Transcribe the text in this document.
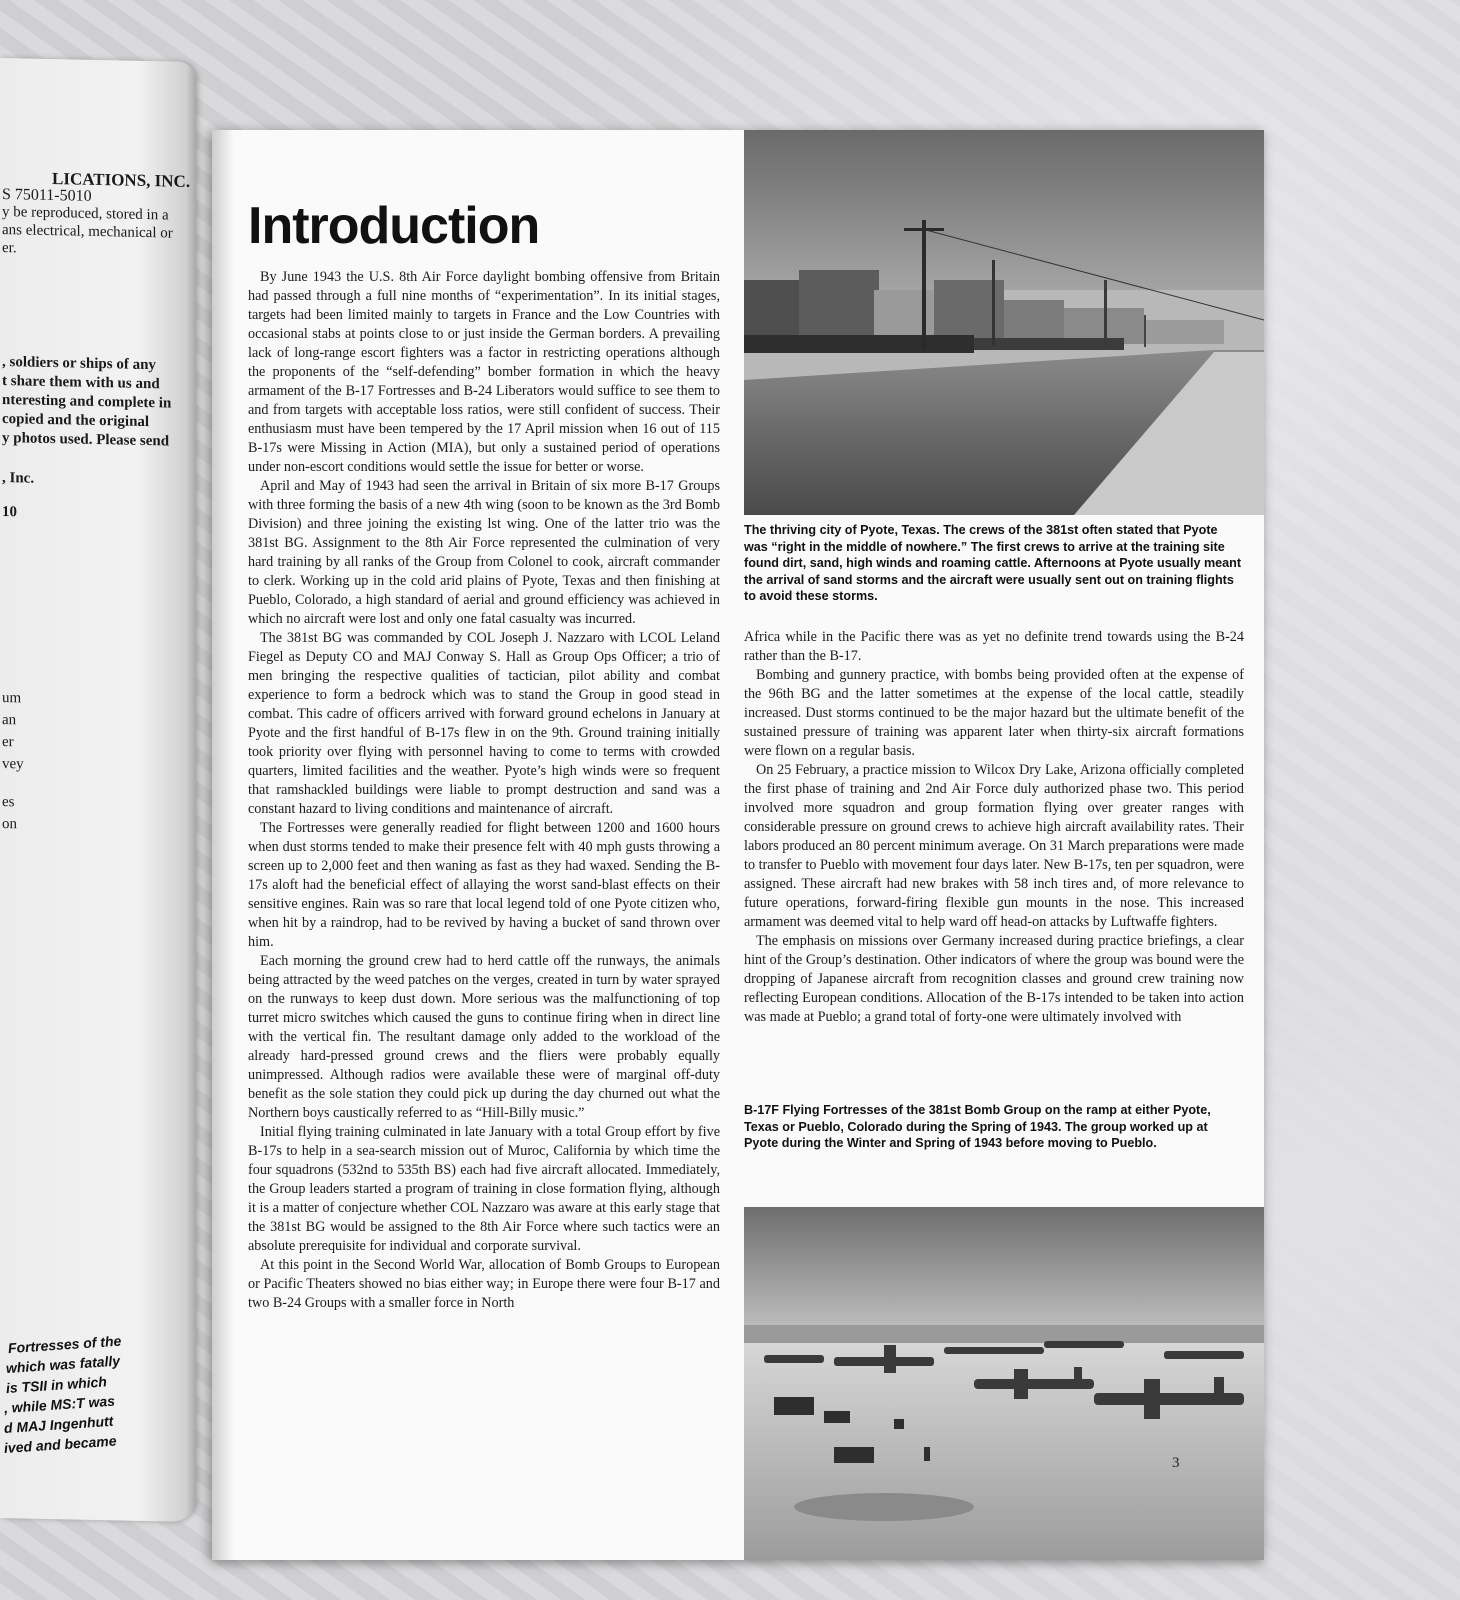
LICATIONS, INC.
S 75011-5010
y be reproduced, stored in a
ans electrical, mechanical or
er.
, soldiers or ships of any
t share them with us and
nteresting and complete in
copied and the original
y photos used. Please send
, Inc.
10
um
an
er
vey
es
on
Fortresses of the
which was fatally
is TSII in which
, while MS:T was
d MAJ Ingenhutt
ived and became
Introduction

By June 1943 the U.S. 8th Air Force daylight bombing offensive from Britain had passed through a full nine months of “experimentation”. In its initial stages, targets had been limited mainly to targets in France and the Low Countries with occasional stabs at points close to or just inside the German borders. A prevailing lack of long-range escort fighters was a factor in restricting operations although the proponents of the “self-defending” bomber formation in which the heavy armament of the B-17 Fortresses and B-24 Liberators would suffice to see them to and from targets with acceptable loss ratios, were still confident of success. Their enthusiasm must have been tempered by the 17 April mission when 16 out of 115 B-17s were Missing in Action (MIA), but only a sustained period of operations under non-escort conditions would settle the issue for better or worse.

April and May of 1943 had seen the arrival in Britain of six more B-17 Groups with three forming the basis of a new 4th wing (soon to be known as the 3rd Bomb Division) and three joining the existing lst wing. One of the latter trio was the 381st BG. Assignment to the 8th Air Force represented the culmination of very hard training by all ranks of the Group from Colonel to cook, aircraft commander to clerk. Working up in the cold arid plains of Pyote, Texas and then finishing at Pueblo, Colorado, a high standard of aerial and ground efficiency was achieved in which no aircraft were lost and only one fatal casualty was incurred.

The 381st BG was commanded by COL Joseph J. Nazzaro with LCOL Leland Fiegel as Deputy CO and MAJ Conway S. Hall as Group Ops Officer; a trio of men bringing the respective qualities of tactician, pilot ability and combat experience to form a bedrock which was to stand the Group in good stead in combat. This cadre of officers arrived with forward ground echelons in January at Pyote and the first handful of B-17s flew in on the 9th. Ground training initially took priority over flying with personnel having to come to terms with crowded quarters, limited facilities and the weather. Pyote’s high winds were so frequent that ramshackled buildings were liable to prompt destruction and sand was a constant hazard to living conditions and maintenance of aircraft.

The Fortresses were generally readied for flight between 1200 and 1600 hours when dust storms tended to make their presence felt with 40 mph gusts throwing a screen up to 2,000 feet and then waning as fast as they had waxed. Sending the B-17s aloft had the beneficial effect of allaying the worst sand-blast effects on their sensitive engines. Rain was so rare that local legend told of one Pyote citizen who, when hit by a raindrop, had to be revived by having a bucket of sand thrown over him.

Each morning the ground crew had to herd cattle off the runways, the animals being attracted by the weed patches on the verges, created in turn by water sprayed on the runways to keep dust down. More serious was the malfunctioning of top turret micro switches which caused the guns to continue firing when in direct line with the vertical fin. The resultant damage only added to the workload of the already hard-pressed ground crews and the fliers were probably equally unimpressed. Although radios were available these were of marginal off-duty benefit as the sole station they could pick up during the day churned out what the Northern boys caustically referred to as “Hill-Billy music.”

Initial flying training culminated in late January with a total Group effort by five B-17s to help in a sea-search mission out of Muroc, California by which time the four squadrons (532nd to 535th BS) each had five aircraft allocated. Immediately, the Group leaders started a program of training in close formation flying, although it is a matter of conjecture whether COL Nazzaro was aware at this early stage that the 381st BG would be assigned to the 8th Air Force where such tactics were an absolute prerequisite for individual and corporate survival.

At this point in the Second World War, allocation of Bomb Groups to European or Pacific Theaters showed no bias either way; in Europe there were four B-17 and two B-24 Groups with a smaller force in North

The thriving city of Pyote, Texas. The crews of the 381st often stated that Pyote was “right in the middle of nowhere.” The first crews to arrive at the training site found dirt, sand, high winds and roaming cattle. Afternoons at Pyote usually meant the arrival of sand storms and the aircraft were usually sent out on training flights to avoid these storms.

Africa while in the Pacific there was as yet no definite trend towards using the B-24 rather than the B-17.

Bombing and gunnery practice, with bombs being provided often at the expense of the 96th BG and the latter sometimes at the expense of the local cattle, steadily increased. Dust storms continued to be the major hazard but the ultimate benefit of the sustained pressure of training was apparent later when thirty-six aircraft formations were flown on a regular basis.

On 25 February, a practice mission to Wilcox Dry Lake, Arizona officially completed the first phase of training and 2nd Air Force duly authorized phase two. This period involved more squadron and group formation flying over greater ranges with considerable pressure on ground crews to achieve high aircraft availability rates. Their labors produced an 80 percent minimum average. On 31 March preparations were made to transfer to Pueblo with movement four days later. New B-17s, ten per squadron, were assigned. These aircraft had new brakes with 58 inch tires and, of more relevance to future operations, forward-firing flexible gun mounts in the nose. This increased armament was deemed vital to help ward off head-on attacks by Luftwaffe fighters.

The emphasis on missions over Germany increased during practice briefings, a clear hint of the Group’s destination. Other indicators of where the group was bound were the dropping of Japanese aircraft from recognition classes and ground crew training now reflecting European conditions. Allocation of the B-17s intended to be taken into action was made at Pueblo; a grand total of forty-one were ultimately involved with

B-17F Flying Fortresses of the 381st Bomb Group on the ramp at either Pyote, Texas or Pueblo, Colorado during the Spring of 1943. The group worked up at Pyote during the Winter and Spring of 1943 before moving to Pueblo.
3
